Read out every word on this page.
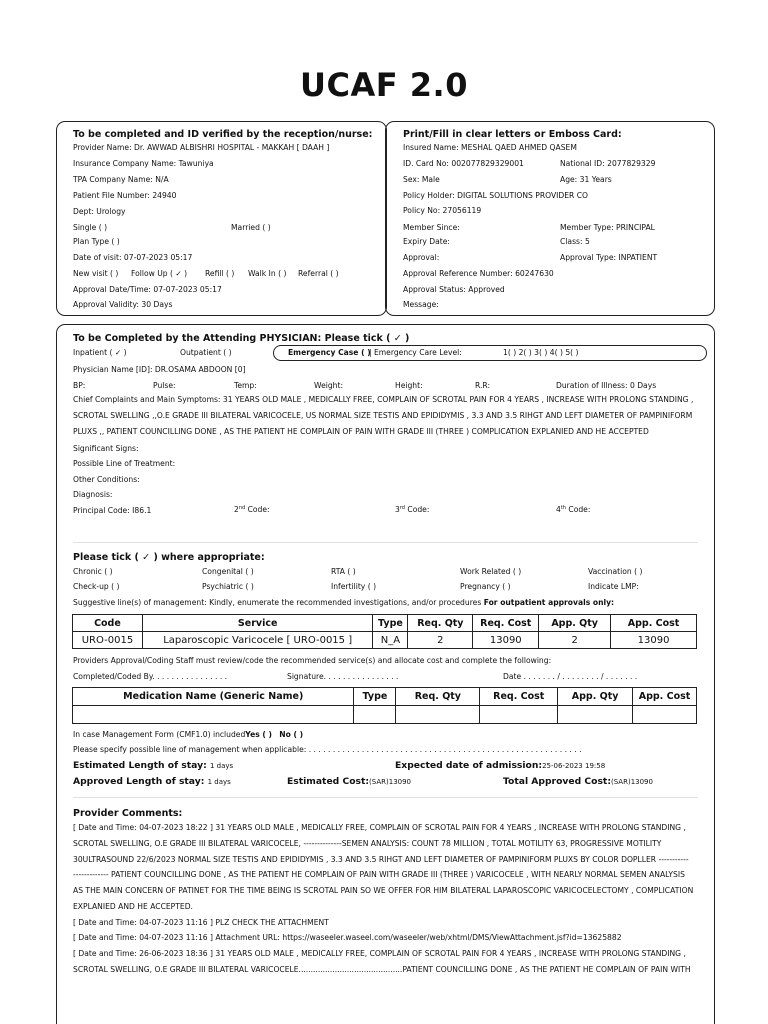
UCAF 2.0
To be completed and ID verified by the reception/nurse:
Provider Name: Dr. AWWAD ALBISHRI HOSPITAL - MAKKAH [ DAAH ]
Insurance Company Name: Tawuniya
TPA Company Name: N/A
Patient File Number: 24940
Dept: Urology
Single ( )	Married ( )
Plan Type ( )
Date of visit: 07-07-2023 05:17
New visit ( ) Follow Up ( ✓ ) Refill ( ) Walk In ( ) Referral ( )
Approval Date/Time: 07-07-2023 05:17
Approval Validity: 30 Days
Print/Fill in clear letters or Emboss Card:
Insured Name: MESHAL QAED AHMED QASEM
ID. Card No: 002077829329001	National ID: 2077829329
Sex: Male	Age: 31 Years
Policy Holder: DIGITAL SOLUTIONS PROVIDER CO
Policy No: 27056119
Member Since:	Member Type: PRINCIPAL
Expiry Date:	Class: 5
Approval:	Approval Type: INPATIENT
Approval Reference Number: 60247630
Approval Status: Approved
Message:
To be Completed by the Attending PHYSICIAN: Please tick ( ✓ )
Inpatient ( ✓ )	Outpatient ( )	Emergency Case ( )
| Emergency Care Level:	1( ) 2( ) 3( ) 4( ) 5( )
Physician Name [ID]: DR.OSAMA ABDOON [0]
BP:	Pulse:	Temp:	Weight:	Height:	R.R:	Duration of Illness: 0 Days
Chief Complaints and Main Symptoms: 31 YEARS OLD MALE , MEDICALLY FREE, COMPLAIN OF SCROTAL PAIN FOR 4 YEARS , INCREASE WITH PROLONG STANDING ,
SCROTAL SWELLING ,,O.E GRADE III BILATERAL VARICOCELE, US NORMAL SIZE TESTIS AND EPIDIDYMIS , 3.3 AND 3.5 RIHGT AND LEFT DIAMETER OF PAMPINIFORM
PLUXS ,, PATIENT COUNCILLING DONE , AS THE PATIENT HE COMPLAIN OF PAIN WITH GRADE III (THREE ) COMPLICATION EXPLANIED AND HE ACCEPTED
Significant Signs:
Possible Line of Treatment:
Other Conditions:
Diagnosis:
Principal Code: I86.1	2nd Code:	3rd Code:	4th Code:
Please tick ( ✓ ) where appropriate:
Chronic ( )	Congenital ( )	RTA ( )	Work Related ( )	Vaccination ( )
Check-up ( )	Psychiatric ( )	Infertility ( )	Pregnancy ( )	Indicate LMP:
Suggestive line(s) of management: Kindly, enumerate the recommended investigations, and/or procedures For outpatient approvals only:
Code	Service	Type	Req. Qty	Req. Cost	App. Qty	App. Cost
URO-0015	Laparoscopic Varicocele [ URO-0015 ]	N_A	2	13090	2	13090
Providers Approval/Coding Staff must review/code the recommended service(s) and allocate cost and complete the following:
Completed/Coded By. . . . . . . . . . . . . . . .	Signature. . . . . . . . . . . . . . . .	Date . . . . . . . / . . . . . . . . / . . . . . . .
Medication Name (Generic Name)	Type	Req. Qty	Req. Cost	App. Qty	App. Cost

In case Management Form (CMF1.0) includedYes ( ) No ( )
Please specify possible line of management when applicable: . . . . . . . . . . . . . . . . . . . . . . . . . . . . . . . . . . . . . . . . . . . . . . . . . . . . . . . . .
Estimated Length of stay: 1 days	Expected date of admission:25-06-2023 19:58
Approved Length of stay: 1 days	Estimated Cost:(SAR)13090	Total Approved Cost:(SAR)13090
Provider Comments:
[ Date and Time: 04-07-2023 18:22 ] 31 YEARS OLD MALE , MEDICALLY FREE, COMPLAIN OF SCROTAL PAIN FOR 4 YEARS , INCREASE WITH PROLONG STANDING ,
SCROTAL SWELLING, O.E GRADE III BILATERAL VARICOCELE, --------------SEMEN ANALYSIS: COUNT 78 MILLION , TOTAL MOTILITY 63, PROGRESSIVE MOTILITY
30ULTRASOUND 22/6/2023 NORMAL SIZE TESTIS AND EPIDIDYMIS , 3.3 AND 3.5 RIHGT AND LEFT DIAMETER OF PAMPINIFORM PLUXS BY COLOR DOPLLER -----------
------------- PATIENT COUNCILLING DONE , AS THE PATIENT HE COMPLAIN OF PAIN WITH GRADE III (THREE ) VARICOCELE , WITH NEARLY NORMAL SEMEN ANALYSIS
AS THE MAIN CONCERN OF PATINET FOR THE TIME BEING IS SCROTAL PAIN SO WE OFFER FOR HIM BILATERAL LAPAROSCOPIC VARICOCELECTOMY , COMPLICATION
EXPLANIED AND HE ACCEPTED.
[ Date and Time: 04-07-2023 11:16 ] PLZ CHECK THE ATTACHMENT
[ Date and Time: 04-07-2023 11:16 ] Attachment URL: https://waseeler.waseel.com/waseeler/web/xhtml/DMS/ViewAttachment.jsf?id=13625882
[ Date and Time: 26-06-2023 18:36 ] 31 YEARS OLD MALE , MEDICALLY FREE, COMPLAIN OF SCROTAL PAIN FOR 4 YEARS , INCREASE WITH PROLONG STANDING ,
SCROTAL SWELLING, O.E GRADE III BILATERAL VARICOCELE...........................................PATIENT COUNCILLING DONE , AS THE PATIENT HE COMPLAIN OF PAIN WITH
